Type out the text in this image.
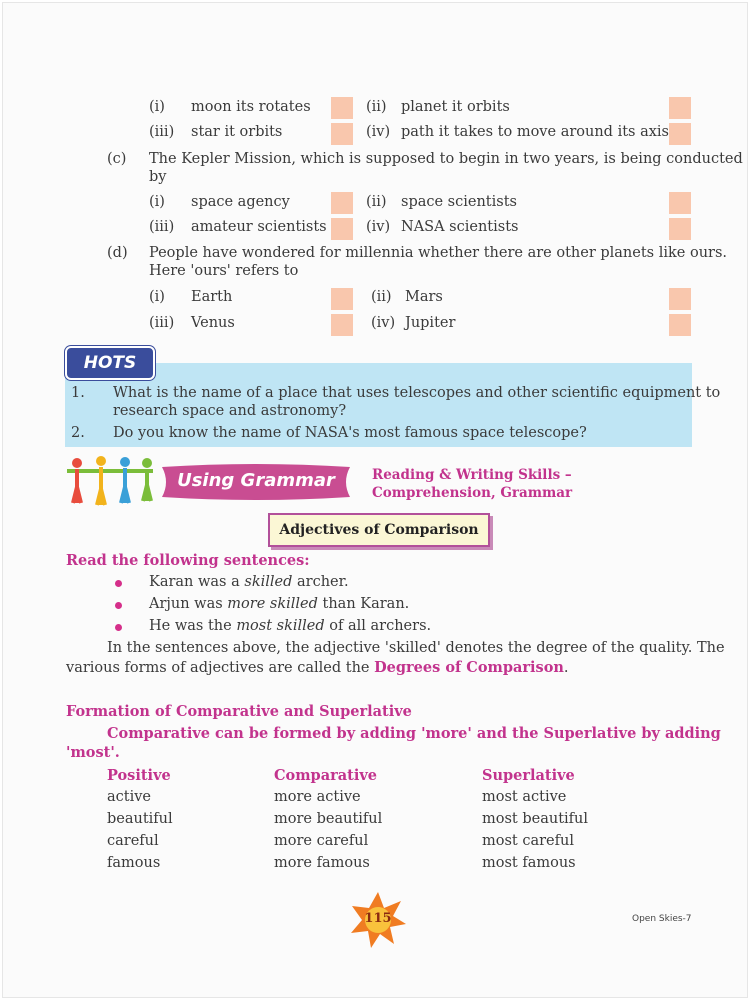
(i) moon its rotates	(ii) planet it orbits
(iii) star it orbits	(iv) path it takes to move around its axis
(c) The Kepler Mission, which is supposed to begin in two years, is being conducted
by
(i) space agency	(ii) space scientists
(iii) amateur scientists	(iv) NASA scientists
(d) People have wondered for millennia whether there are other planets like ours.
Here 'ours' refers to
(i) Earth	(ii) Mars
(iii) Venus	(iv) Jupiter
HOTS
1. What is the name of a place that uses telescopes and other scientific equipment to
research space and astronomy?
2. Do you know the name of NASA's most famous space telescope?
Using Grammar	Reading & Writing Skills –
Comprehension, Grammar
Adjectives of Comparison
Read the following sentences:
Karan was a skilled archer.
Arjun was more skilled than Karan.
He was the most skilled of all archers.
In the sentences above, the adjective 'skilled' denotes the degree of the quality. The
various forms of adjectives are called the Degrees of Comparison.
Formation of Comparative and Superlative
Comparative can be formed by adding 'more' and the Superlative by adding
'most'.
Positive	Comparative	Superlative
active	more active	most active
beautiful	more beautiful	most beautiful
careful	more careful	most careful
famous	more famous	most famous
115	Open Skies-7
